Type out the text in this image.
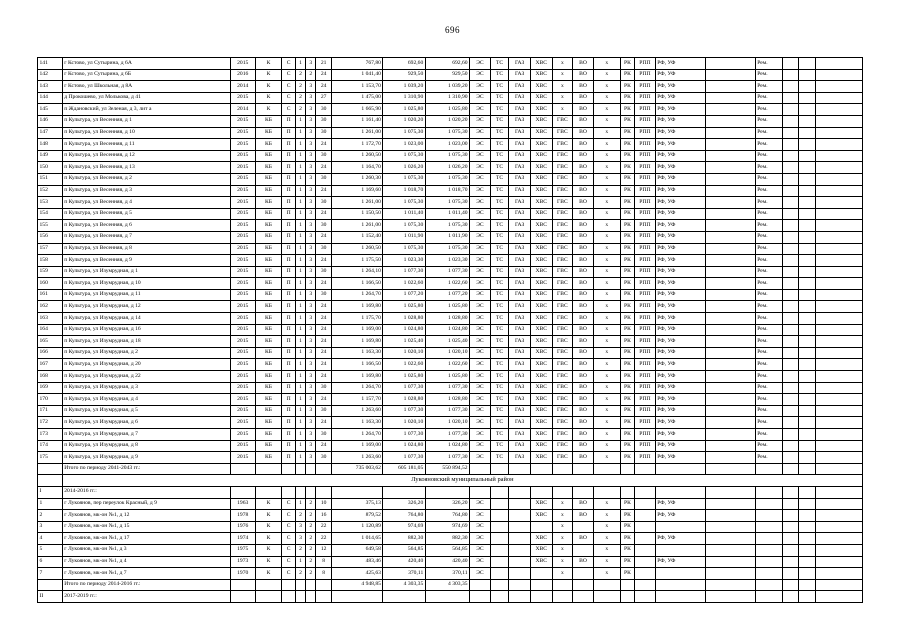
696
141	г Кстово, ул Сутырина, д 6А	2015	К	С	1	3	21	767,80	692,60	692,60	ЭС	ТС	ГАЗ	ХВС	х	ВО	х	РК	РПП	РФ, УФ		Рем.			
142	г Кстово, ул Сутырина, д 6Б	2016	К	С	2	2	24	1 041,40	929,50	929,50	ЭС	ТС	ГАЗ	ХВС	х	ВО	х	РК	РПП	РФ, УФ		Рем.			
143	г Кстово, ул Школьная, д 8А	2014	К	С	2	3	24	1 153,70	1 039,20	1 039,20	ЭС	ТС	ГАЗ	ХВС	х	ВО	х	РК	РПП	РФ, УФ		Рем.			
144	д Прокошево, ул Молькова, д 41	2015	К	С	2	3	27	1 475,00	1 310,90	1 310,90	ЭС	ТС	ГАЗ	ХВС	х	ВО	х	РК	РПП	РФ, УФ		Рем.			
145	п Ждановский, ул Зеленая, д 3, лит а	2014	К	С	2	3	30	1 665,90	1 025,80	1 025,80	ЭС	ТС	ГАЗ	ХВС	х	ВО	х	РК	РПП	РФ, УФ		Рем.			
146	п Культура, ул Весенняя, д 1	2015	КБ	П	1	3	30	1 161,40	1 020,20	1 020,20	ЭС	ТС	ГАЗ	ХВС	ГВС	ВО	х	РК	РПП	РФ, УФ		Рем.			
147	п Культура, ул Весенняя, д 10	2015	КБ	П	1	3	30	1 261,00	1 075,30	1 075,30	ЭС	ТС	ГАЗ	ХВС	ГВС	ВО	х	РК	РПП	РФ, УФ		Рем.			
148	п Культура, ул Весенняя, д 11	2015	КБ	П	1	3	24	1 172,70	1 023,00	1 023,00	ЭС	ТС	ГАЗ	ХВС	ГВС	ВО	х	РК	РПП	РФ, УФ		Рем.			
149	п Культура, ул Весенняя, д 12	2015	КБ	П	1	3	30	1 260,50	1 075,30	1 075,30	ЭС	ТС	ГАЗ	ХВС	ГВС	ВО	х	РК	РПП	РФ, УФ		Рем.			
150	п Культура, ул Весенняя, д 13	2015	КБ	П	1	3	24	1 164,70	1 026,20	1 026,20	ЭС	ТС	ГАЗ	ХВС	ГВС	ВО	х	РК	РПП	РФ, УФ		Рем.			
151	п Культура, ул Весенняя, д 2	2015	КБ	П	1	3	30	1 260,30	1 075,30	1 075,30	ЭС	ТС	ГАЗ	ХВС	ГВС	ВО	х	РК	РПП	РФ, УФ		Рем.			
152	п Культура, ул Весенняя, д 3	2015	КБ	П	1	3	24	1 169,60	1 018,70	1 018,70	ЭС	ТС	ГАЗ	ХВС	ГВС	ВО	х	РК	РПП	РФ, УФ		Рем.			
153	п Культура, ул Весенняя, д 4	2015	КБ	П	1	3	30	1 261,00	1 075,30	1 075,30	ЭС	ТС	ГАЗ	ХВС	ГВС	ВО	х	РК	РПП	РФ, УФ		Рем.			
154	п Культура, ул Весенняя, д 5	2015	КБ	П	1	3	24	1 150,50	1 011,40	1 011,40	ЭС	ТС	ГАЗ	ХВС	ГВС	ВО	х	РК	РПП	РФ, УФ		Рем.			
155	п Культура, ул Весенняя, д 6	2015	КБ	П	1	3	30	1 261,00	1 075,30	1 075,30	ЭС	ТС	ГАЗ	ХВС	ГВС	ВО	х	РК	РПП	РФ, УФ		Рем.			
156	п Культура, ул Весенняя, д 7	2015	КБ	П	1	3	24	1 152,40	1 011,90	1 011,90	ЭС	ТС	ГАЗ	ХВС	ГВС	ВО	х	РК	РПП	РФ, УФ		Рем.			
157	п Культура, ул Весенняя, д 8	2015	КБ	П	1	3	30	1 260,50	1 075,30	1 075,30	ЭС	ТС	ГАЗ	ХВС	ГВС	ВО	х	РК	РПП	РФ, УФ		Рем.			
158	п Культура, ул Весенняя, д 9	2015	КБ	П	1	3	24	1 175,50	1 023,30	1 023,30	ЭС	ТС	ГАЗ	ХВС	ГВС	ВО	х	РК	РПП	РФ, УФ		Рем.			
159	п Культура, ул Изумрудная, д 1	2015	КБ	П	1	3	30	1 264,10	1 077,30	1 077,30	ЭС	ТС	ГАЗ	ХВС	ГВС	ВО	х	РК	РПП	РФ, УФ		Рем.			
160	п Культура, ул Изумрудная, д 10	2015	КБ	П	1	3	24	1 166,50	1 022,60	1 022,60	ЭС	ТС	ГАЗ	ХВС	ГВС	ВО	х	РК	РПП	РФ, УФ		Рем.			
161	п Культура, ул Изумрудная, д 11	2015	КБ	П	1	3	30	1 264,70	1 077,20	1 077,20	ЭС	ТС	ГАЗ	ХВС	ГВС	ВО	х	РК	РПП	РФ, УФ		Рем.			
162	п Культура, ул Изумрудная, д 12	2015	КБ	П	1	3	24	1 169,80	1 025,80	1 025,80	ЭС	ТС	ГАЗ	ХВС	ГВС	ВО	х	РК	РПП	РФ, УФ		Рем.			
163	п Культура, ул Изумрудная, д 14	2015	КБ	П	1	3	24	1 175,70	1 028,80	1 028,80	ЭС	ТС	ГАЗ	ХВС	ГВС	ВО	х	РК	РПП	РФ, УФ		Рем.			
164	п Культура, ул Изумрудная, д 16	2015	КБ	П	1	3	24	1 169,00	1 024,80	1 024,80	ЭС	ТС	ГАЗ	ХВС	ГВС	ВО	х	РК	РПП	РФ, УФ		Рем.			
165	п Культура, ул Изумрудная, д 18	2015	КБ	П	1	3	24	1 169,80	1 025,40	1 025,40	ЭС	ТС	ГАЗ	ХВС	ГВС	ВО	х	РК	РПП	РФ, УФ		Рем.			
166	п Культура, ул Изумрудная, д 2	2015	КБ	П	1	3	24	1 163,30	1 020,10	1 020,10	ЭС	ТС	ГАЗ	ХВС	ГВС	ВО	х	РК	РПП	РФ, УФ		Рем.			
167	п Культура, ул Изумрудная, д 20	2015	КБ	П	1	3	24	1 166,50	1 022,60	1 022,60	ЭС	ТС	ГАЗ	ХВС	ГВС	ВО	х	РК	РПП	РФ, УФ		Рем.			
168	п Культура, ул Изумрудная, д 22	2015	КБ	П	1	3	24	1 169,80	1 025,80	1 025,80	ЭС	ТС	ГАЗ	ХВС	ГВС	ВО	х	РК	РПП	РФ, УФ		Рем.			
169	п Культура, ул Изумрудная, д 3	2015	КБ	П	1	3	30	1 264,70	1 077,30	1 077,30	ЭС	ТС	ГАЗ	ХВС	ГВС	ВО	х	РК	РПП	РФ, УФ		Рем.			
170	п Культура, ул Изумрудная, д 4	2015	КБ	П	1	3	24	1 157,70	1 028,80	1 028,80	ЭС	ТС	ГАЗ	ХВС	ГВС	ВО	х	РК	РПП	РФ, УФ		Рем.			
171	п Культура, ул Изумрудная, д 5	2015	КБ	П	1	3	30	1 263,60	1 077,30	1 077,30	ЭС	ТС	ГАЗ	ХВС	ГВС	ВО	х	РК	РПП	РФ, УФ		Рем.			
172	п Культура, ул Изумрудная, д 6	2015	КБ	П	1	3	24	1 163,30	1 020,10	1 020,10	ЭС	ТС	ГАЗ	ХВС	ГВС	ВО	х	РК	РПП	РФ, УФ		Рем.			
173	п Культура, ул Изумрудная, д 7	2015	КБ	П	1	3	30	1 264,70	1 077,30	1 077,30	ЭС	ТС	ГАЗ	ХВС	ГВС	ВО	х	РК	РПП	РФ, УФ		Рем.			
174	п Культура, ул Изумрудная, д 8	2015	КБ	П	1	3	24	1 169,00	1 024,80	1 024,80	ЭС	ТС	ГАЗ	ХВС	ГВС	ВО	х	РК	РПП	РФ, УФ		Рем.			
175	п Культура, ул Изумрудная, д 9	2015	КБ	П	1	3	30	1 263,60	1 077,30	1 077,30	ЭС	ТС	ГАЗ	ХВС	ГВС	ВО	х	РК	РПП	РФ, УФ		Рем.			
	Итого по периоду 2041-2043 гг.:							735 003,62	605 181,05	550 894,52															
	Лукояновский муниципальный район																								
I	2014-2016 гг.:																								
1	г Лукоянов, пер переулок Красный, д 9	1963	К	С	1	2	10	375,13	326,20	326,20	ЭС			ХВС	х	ВО	х	РК		РФ, УФ					
2	г Лукоянов, мк-он №1, д 12	1978	К	С	2	2	16	879,52	764,80	764,80	ЭС			ХВС	х	ВО	х	РК		РФ, УФ					
3	г Лукоянов, мк-он №1, д 15	1976	К	С	3	2	22	1 120,89	974,69	974,69	ЭС				х		х	РК							
4	г Лукоянов, мк-он №1, д 17	1974	К	С	3	2	22	1 014,65	882,30	882,30	ЭС			ХВС	х	ВО	х	РК		РФ, УФ					
5	г Лукоянов, мк-он №1, д 3	1975	К	С	2	2	12	649,58	564,85	564,85	ЭС			ХВС	х		х	РК							
6	г Лукоянов, мк-он №1, д 4	1973	К	С	1	2	8	483,46	420,40	420,40	ЭС			ХВС	х	ВО	х	РК		РФ, УФ					
7	г Лукоянов, мк-он №1, д 7	1970	К	С	2	2	8	425,63	370,11	370,11	ЭС				х		х	РК							
	Итого по периоду 2014-2016 гг.:							4 948,85	4 303,35	4 303,35															
II	2017-2019 гг.:																								
